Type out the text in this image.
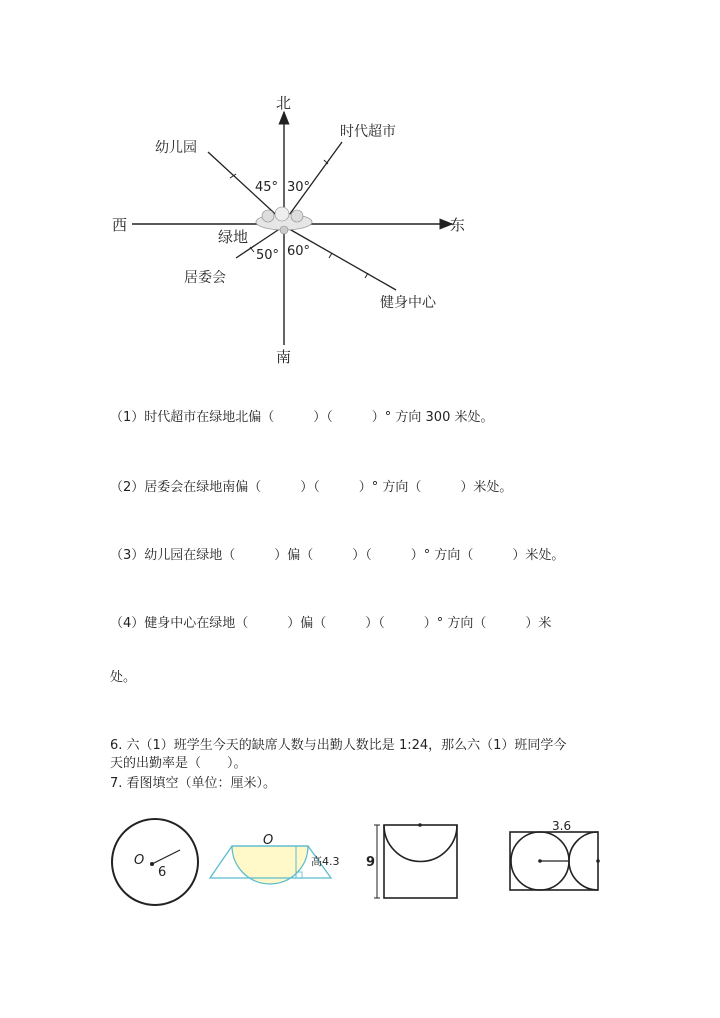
北
南
西	东
绿地
幼儿园
时代超市
居委会
健身中心
45° 30°
50° 60°
（1）时代超市在绿地北偏（　　　）（　　　）° 方向 300 米处。
（2）居委会在绿地南偏（　　　）（　　　）° 方向（　　　）米处。
（3）幼儿园在绿地（　　　）偏（　　　）（　　　）° 方向（　　　）米处。
（4）健身中心在绿地（　　　）偏（　　　）（　　　）° 方向（　　　）米
处。
6. 六（1）班学生今天的缺席人数与出勤人数比是 1:24，那么六（1）班同学今
天的出勤率是（　　）。
7. 看图填空（单位：厘米）。
O
6
O
高4.3 9
3.6
